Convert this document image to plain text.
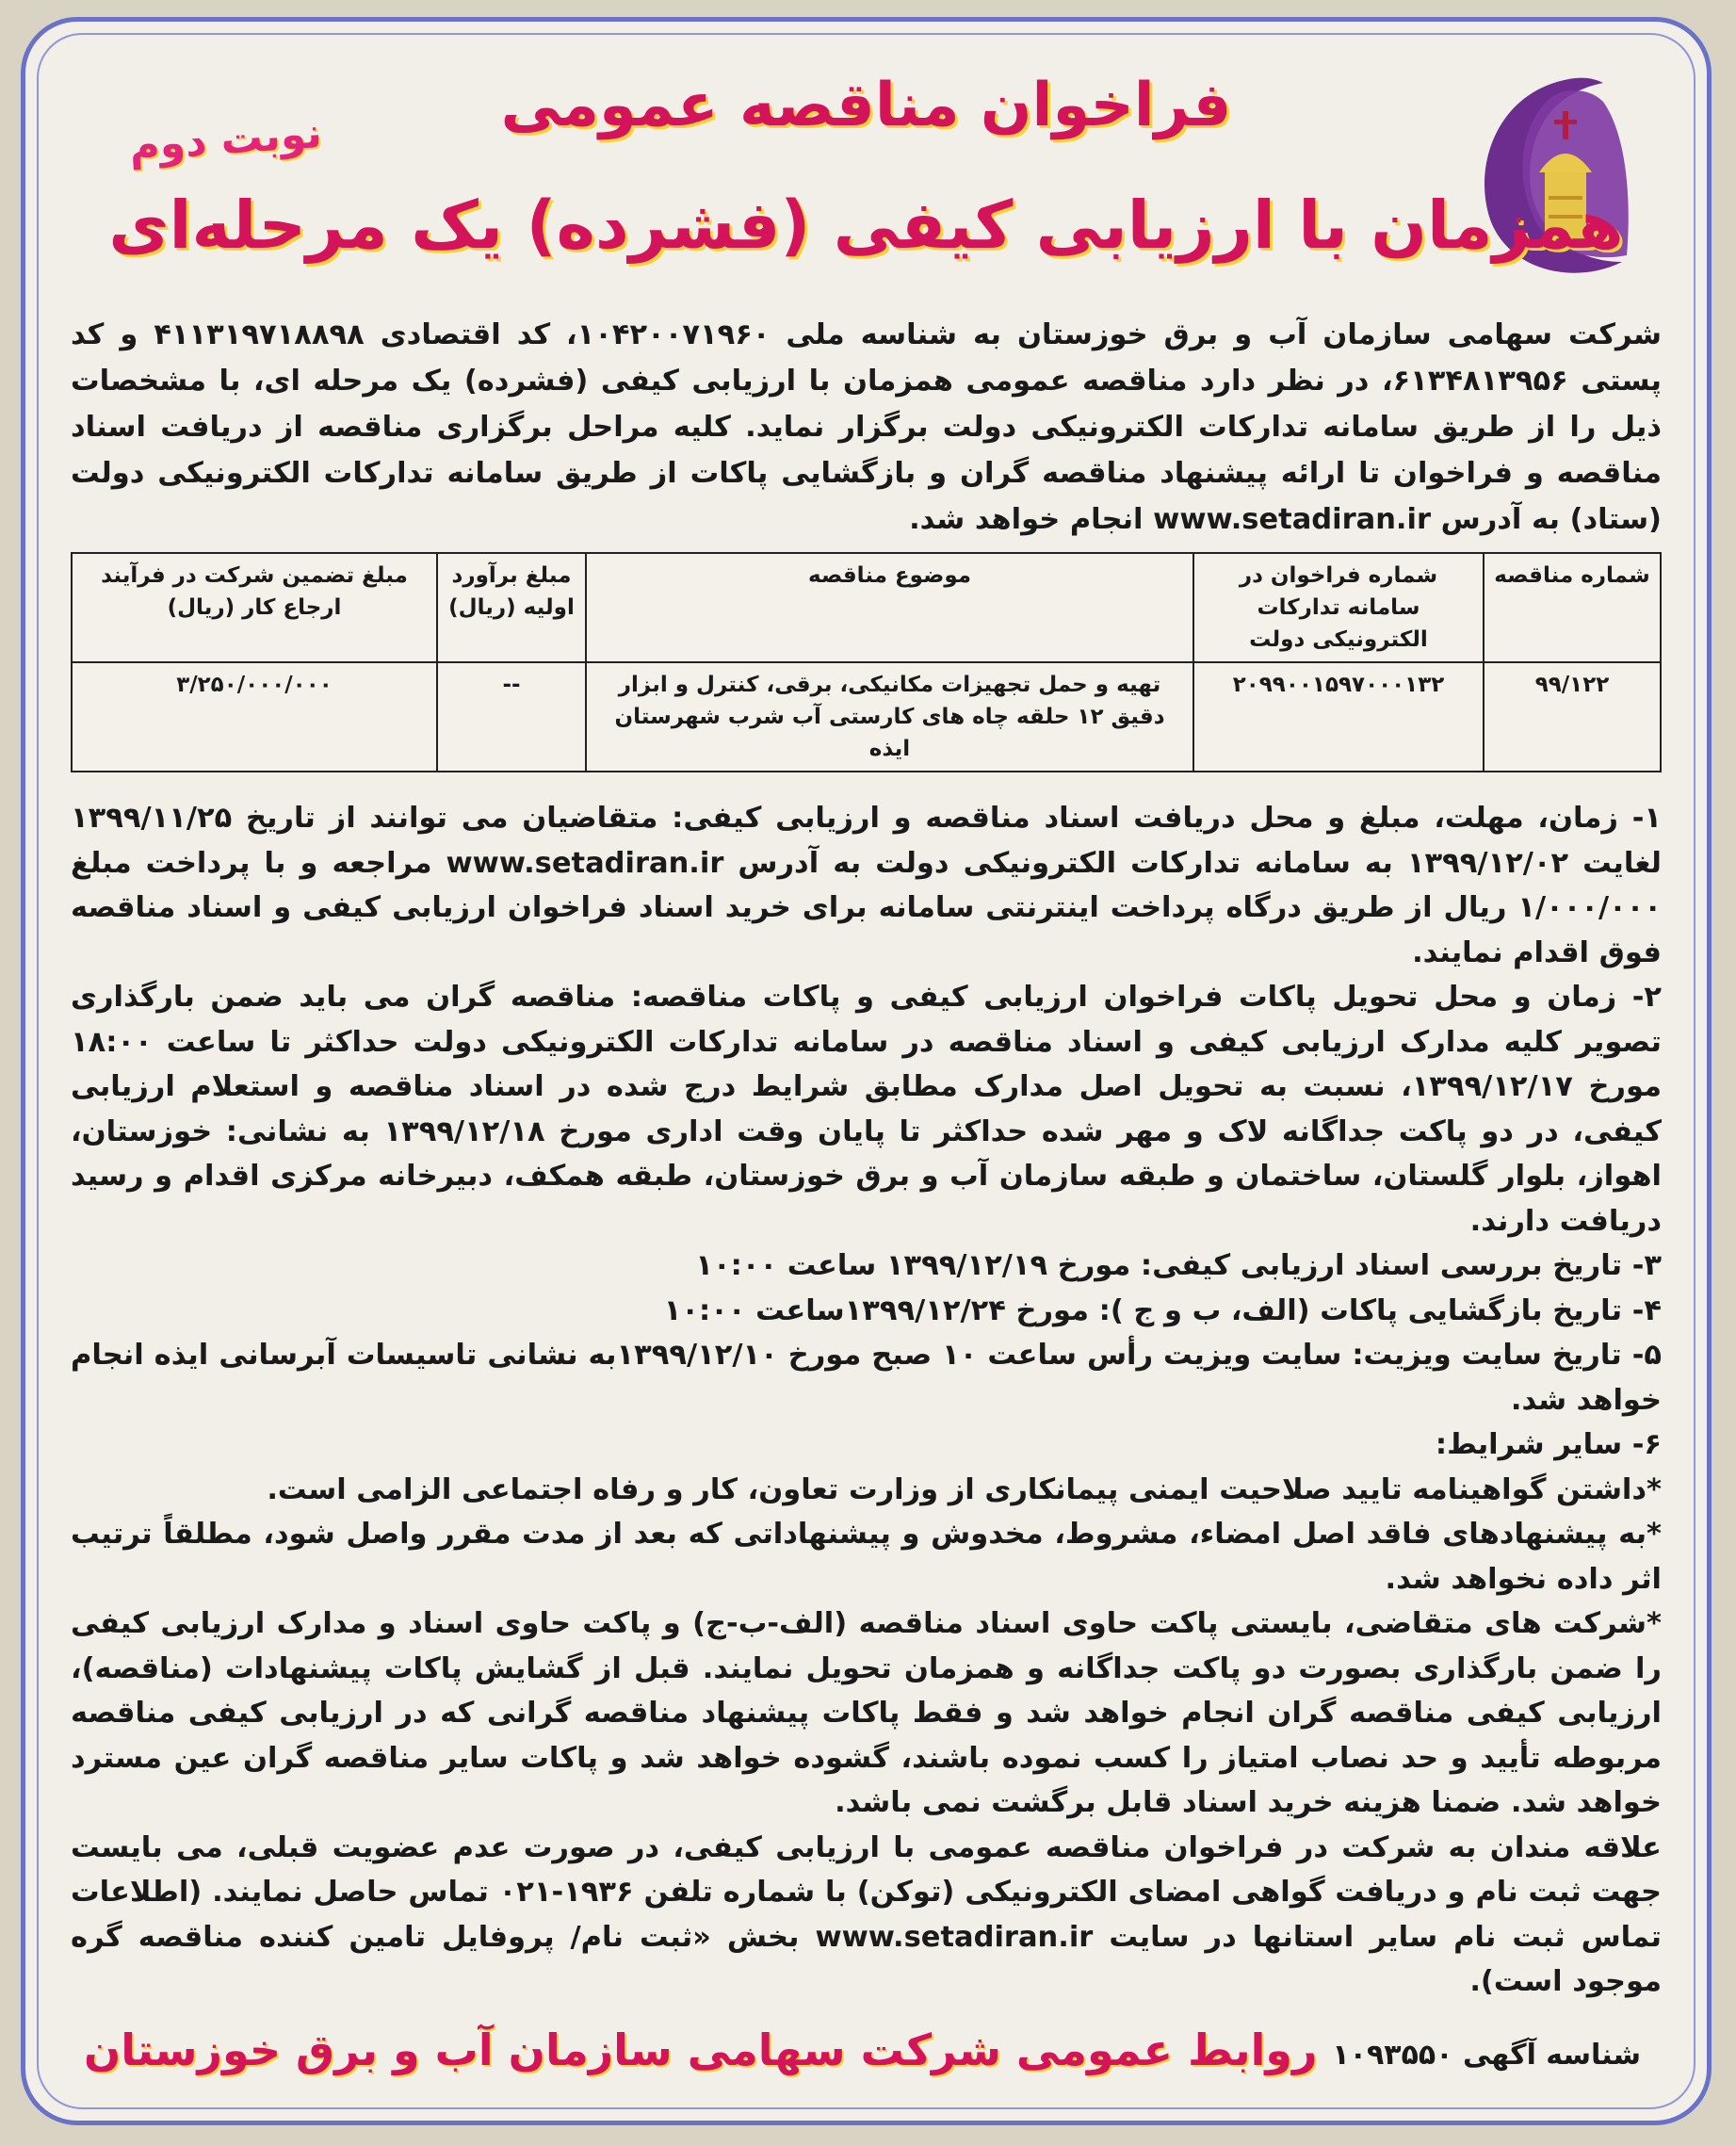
نوبت دوم	فراخوان مناقصه عمومی
همزمان با ارزیابی کیفی (فشرده) یک مرحله‌ای

شرکت سهامی سازمان آب و برق خوزستان به شناسه ملی ۱۰۴۲۰۰۷۱۹۶۰، کد اقتصادی ۴۱۱۳۱۹۷۱۸۸۹۸ و کد پستی ۶۱۳۴۸۱۳۹۵۶، در نظر دارد مناقصه عمومی همزمان با ارزیابی کیفی (فشرده) یک مرحله ای، با مشخصات ذیل را از طریق سامانه تدارکات الکترونیکی دولت برگزار نماید. کلیه مراحل برگزاری مناقصه از دریافت اسناد مناقصه و فراخوان تا ارائه پیشنهاد مناقصه گران و بازگشایی پاکات از طریق سامانه تدارکات الکترونیکی دولت (ستاد) به آدرس www.setadiran.ir انجام خواهد شد.

شماره مناقصه	شماره فراخوان در سامانه تدارکات الکترونیکی دولت	موضوع مناقصه	مبلغ برآورد اولیه (ریال)	مبلغ تضمین شرکت در فرآیند ارجاع کار (ریال)
۹۹/۱۲۲	۲۰۹۹۰۰۱۵۹۷۰۰۰۱۳۲	تهیه و حمل تجهیزات مکانیکی، برقی، کنترل و ابزار دقیق ۱۲ حلقه چاه های کارستی آب شرب شهرستان ایذه	--	۳/۲۵۰/۰۰۰/۰۰۰

۱- زمان، مهلت، مبلغ و محل دریافت اسناد مناقصه و ارزیابی کیفی: متقاضیان می توانند از تاریخ ۱۳۹۹/۱۱/۲۵ لغایت ۱۳۹۹/۱۲/۰۲ به سامانه تدارکات الکترونیکی دولت به آدرس www.setadiran.ir مراجعه و با پرداخت مبلغ ۱/۰۰۰/۰۰۰ ریال از طریق درگاه پرداخت اینترنتی سامانه برای خرید اسناد فراخوان ارزیابی کیفی و اسناد مناقصه فوق اقدام نمایند.

۲- زمان و محل تحویل پاکات فراخوان ارزیابی کیفی و پاکات مناقصه: مناقصه گران می باید ضمن بارگذاری تصویر کلیه مدارک ارزیابی کیفی و اسناد مناقصه در سامانه تدارکات الکترونیکی دولت حداکثر تا ساعت ۱۸:۰۰ مورخ ۱۳۹۹/۱۲/۱۷، نسبت به تحویل اصل مدارک مطابق شرایط درج شده در اسناد مناقصه و استعلام ارزیابی کیفی، در دو پاکت جداگانه لاک و مهر شده حداکثر تا پایان وقت اداری مورخ ۱۳۹۹/۱۲/۱۸ به نشانی: خوزستان، اهواز، بلوار گلستان، ساختمان و طبقه سازمان آب و برق خوزستان، طبقه همکف، دبیرخانه مرکزی اقدام و رسید دریافت دارند.

۳- تاریخ بررسی اسناد ارزیابی کیفی: مورخ ۱۳۹۹/۱۲/۱۹ ساعت ۱۰:۰۰

۴- تاریخ بازگشایی پاکات (الف، ب و ج ): مورخ ۱۳۹۹/۱۲/۲۴ساعت ۱۰:۰۰

۵- تاریخ سایت ویزیت: سایت ویزیت رأس ساعت ۱۰ صبح مورخ ۱۳۹۹/۱۲/۱۰به نشانی تاسیسات آبرسانی ایذه انجام خواهد شد.

۶- سایر شرایط:

*داشتن گواهینامه تایید صلاحیت ایمنی پیمانکاری از وزارت تعاون، کار و رفاه اجتماعی الزامی است.

*به پیشنهادهای فاقد اصل امضاء، مشروط، مخدوش و پیشنهاداتی که بعد از مدت مقرر واصل شود، مطلقاً ترتیب اثر داده نخواهد شد.

*شرکت های متقاضی، بایستی پاکت حاوی اسناد مناقصه (الف-ب-ج) و پاکت حاوی اسناد و مدارک ارزیابی کیفی را ضمن بارگذاری بصورت دو پاکت جداگانه و همزمان تحویل نمایند. قبل از گشایش پاکات پیشنهادات (مناقصه)، ارزیابی کیفی مناقصه گران انجام خواهد شد و فقط پاکات پیشنهاد مناقصه گرانی که در ارزیابی کیفی مناقصه مربوطه تأیید و حد نصاب امتیاز را کسب نموده باشند، گشوده خواهد شد و پاکات سایر مناقصه گران عین مسترد خواهد شد. ضمنا هزینه خرید اسناد قابل برگشت نمی باشد.

علاقه مندان به شرکت در فراخوان مناقصه عمومی با ارزیابی کیفی، در صورت عدم عضویت قبلی، می بایست جهت ثبت نام و دریافت گواهی امضای الکترونیکی (توکن) با شماره تلفن ۱۹۳۶-۰۲۱ تماس حاصل نمایند. (اطلاعات تماس ثبت نام سایر استانها در سایت www.setadiran.ir بخش «ثبت نام/ پروفایل تامین کننده مناقصه گره موجود است).

شناسه آگهی ۱۰۹۳۵۵۰
روابط عمومی شرکت سهامی سازمان آب و برق خوزستان
